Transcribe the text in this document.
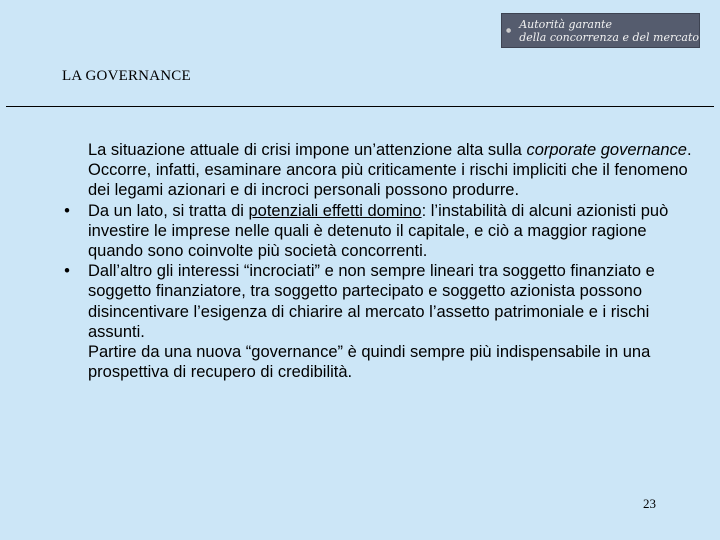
Autorità garante
della concorrenza e del mercato
LA GOVERNANCE
La situazione attuale di crisi impone un’attenzione alta sulla corporate governance. Occorre, infatti, esaminare ancora più criticamente i rischi impliciti che il fenomeno dei legami azionari e di incroci personali possono produrre.
• Da un lato, si tratta di potenziali effetti domino: l’instabilità di alcuni azionisti può investire le imprese nelle quali è detenuto il capitale, e ciò a maggior ragione quando sono coinvolte più società concorrenti.
• Dall’altro gli interessi “incrociati” e non sempre lineari tra soggetto finanziato e soggetto finanziatore, tra soggetto partecipato e soggetto azionista possono disincentivare l’esigenza di chiarire al mercato l’assetto patrimoniale e i rischi assunti.
Partire da una nuova “governance” è quindi sempre più indispensabile in una prospettiva di recupero di credibilità.
23
